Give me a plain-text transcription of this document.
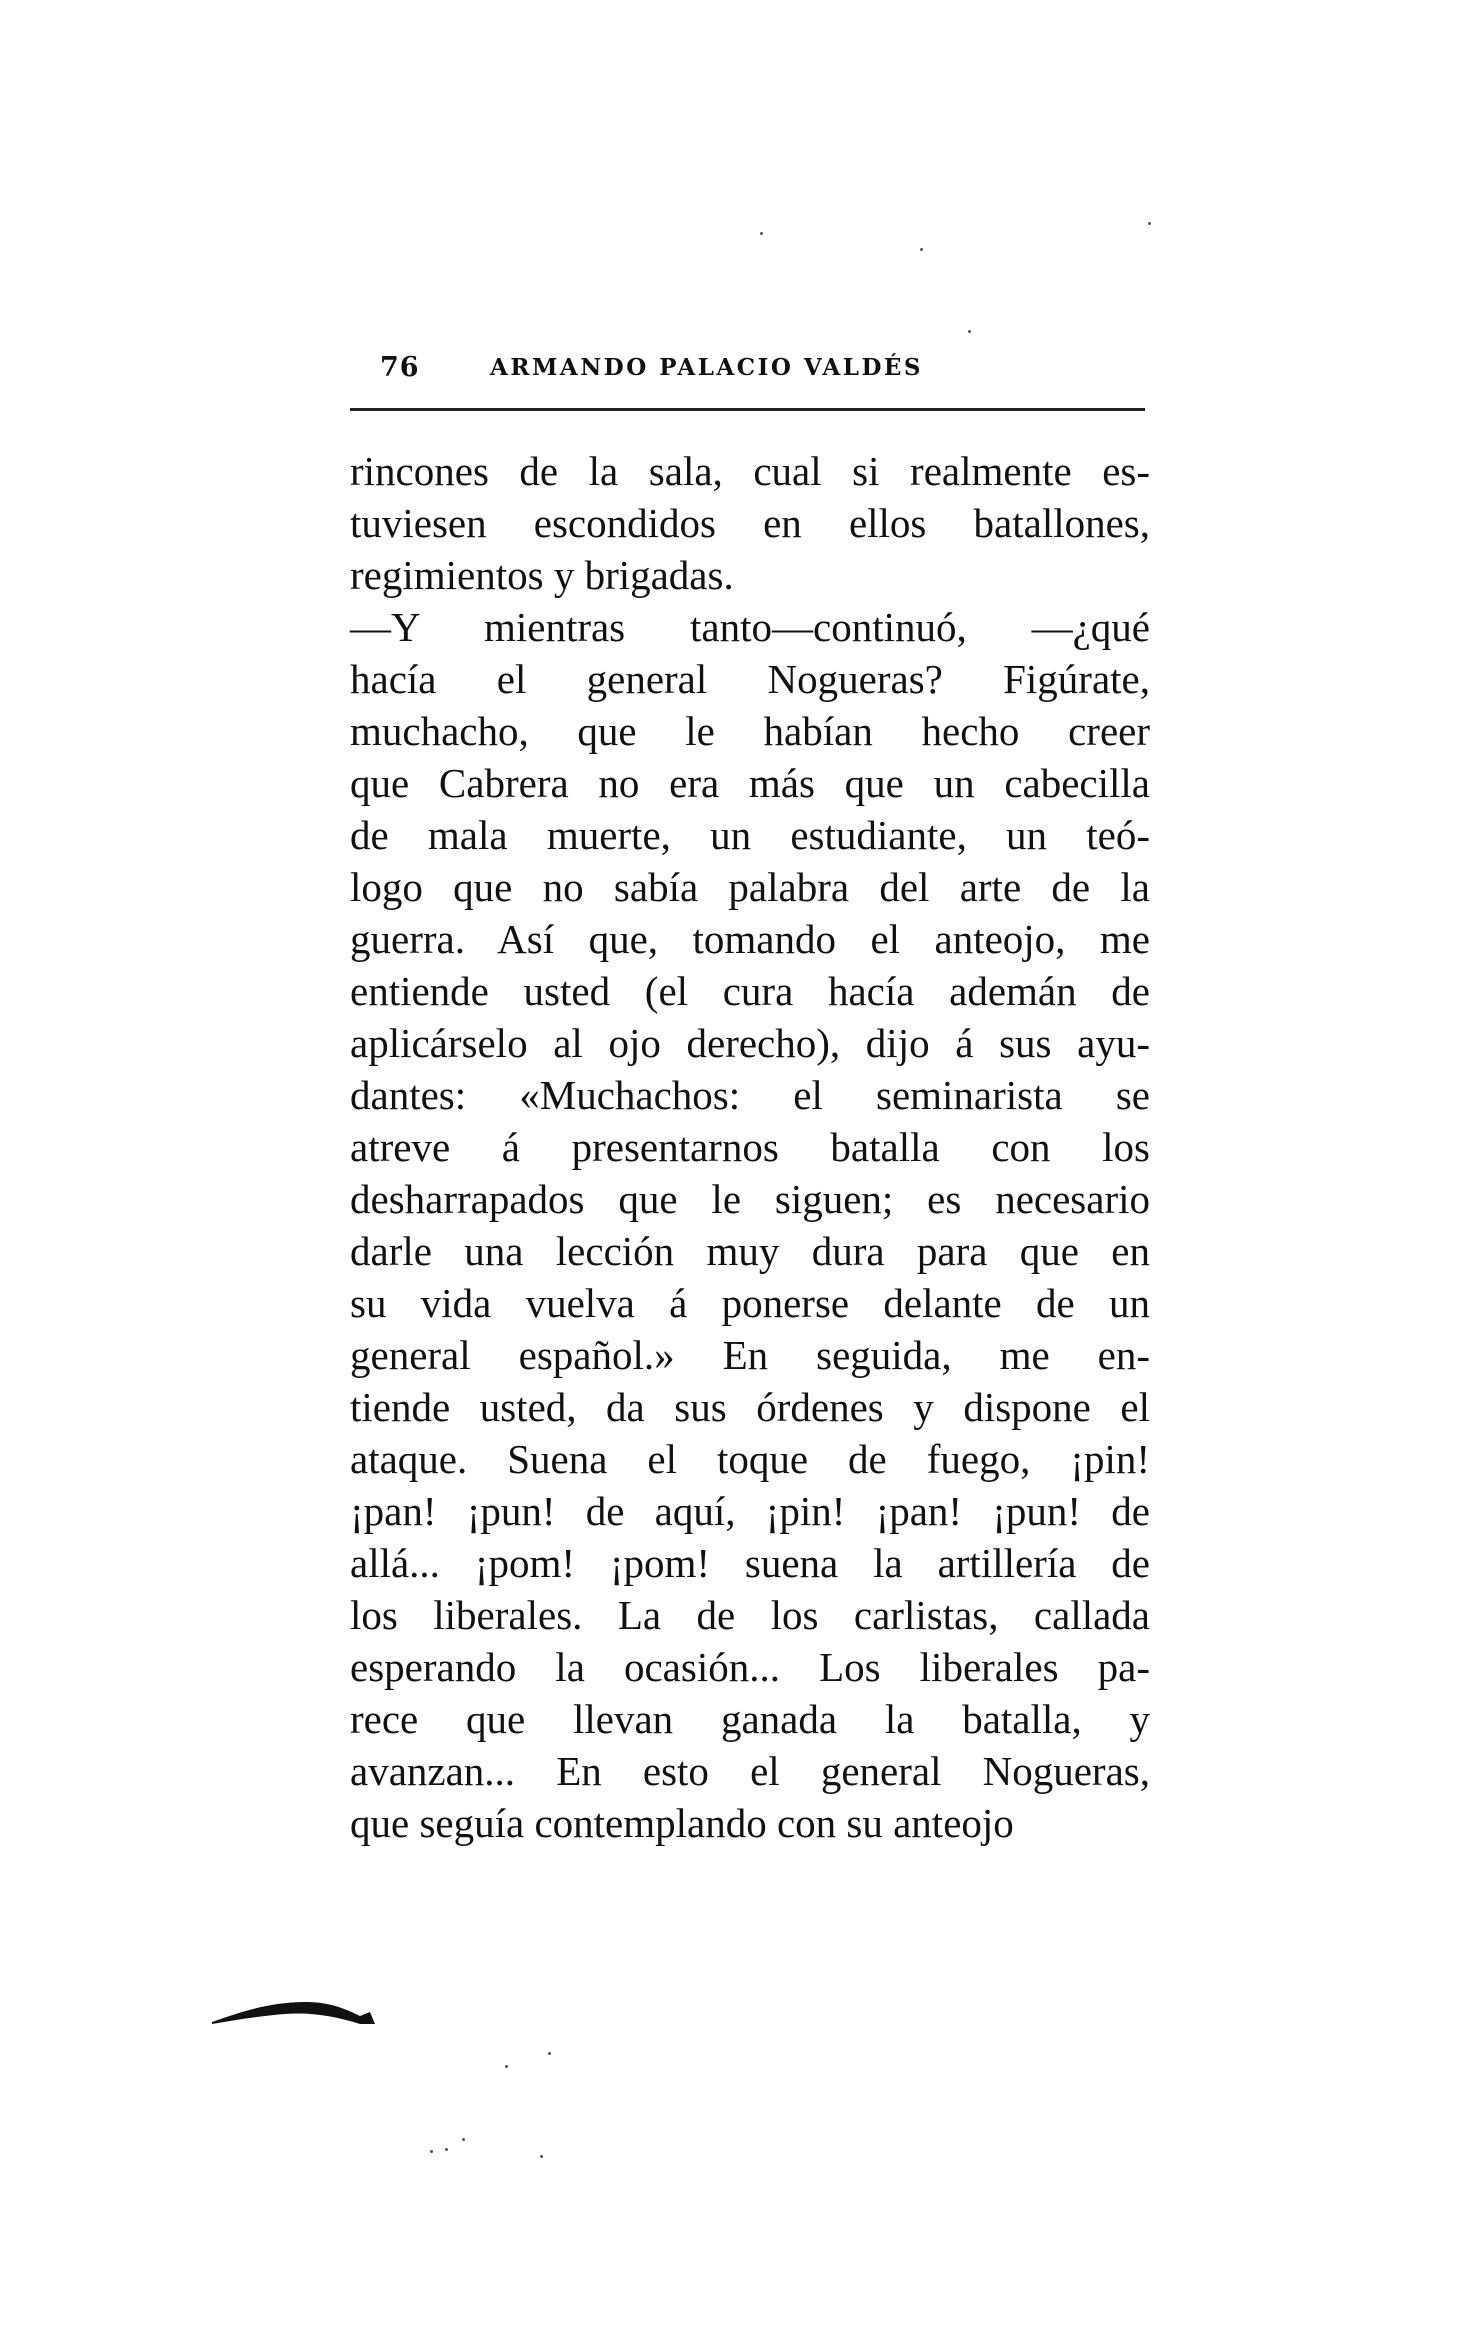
76	ARMANDO PALACIO VALDÉS
rincones de la sala, cual si realmente es-
tuviesen escondidos en ellos batallones,
regimientos y brigadas.
—Y mientras tanto—continuó, —¿qué
hacía el general Nogueras? Figúrate,
muchacho, que le habían hecho creer
que Cabrera no era más que un cabecilla
de mala muerte, un estudiante, un teó-
logo que no sabía palabra del arte de la
guerra. Así que, tomando el anteojo, me
entiende usted (el cura hacía ademán de
aplicárselo al ojo derecho), dijo á sus ayu-
dantes: «Muchachos: el seminarista se
atreve á presentarnos batalla con los
desharrapados que le siguen; es necesario
darle una lección muy dura para que en
su vida vuelva á ponerse delante de un
general español.» En seguida, me en-
tiende usted, da sus órdenes y dispone el
ataque. Suena el toque de fuego, ¡pin!
¡pan! ¡pun! de aquí, ¡pin! ¡pan! ¡pun! de
allá... ¡pom! ¡pom! suena la artillería de
los liberales. La de los carlistas, callada
esperando la ocasión... Los liberales pa-
rece que llevan ganada la batalla, y
avanzan... En esto el general Nogueras,
que seguía contemplando con su anteojo
